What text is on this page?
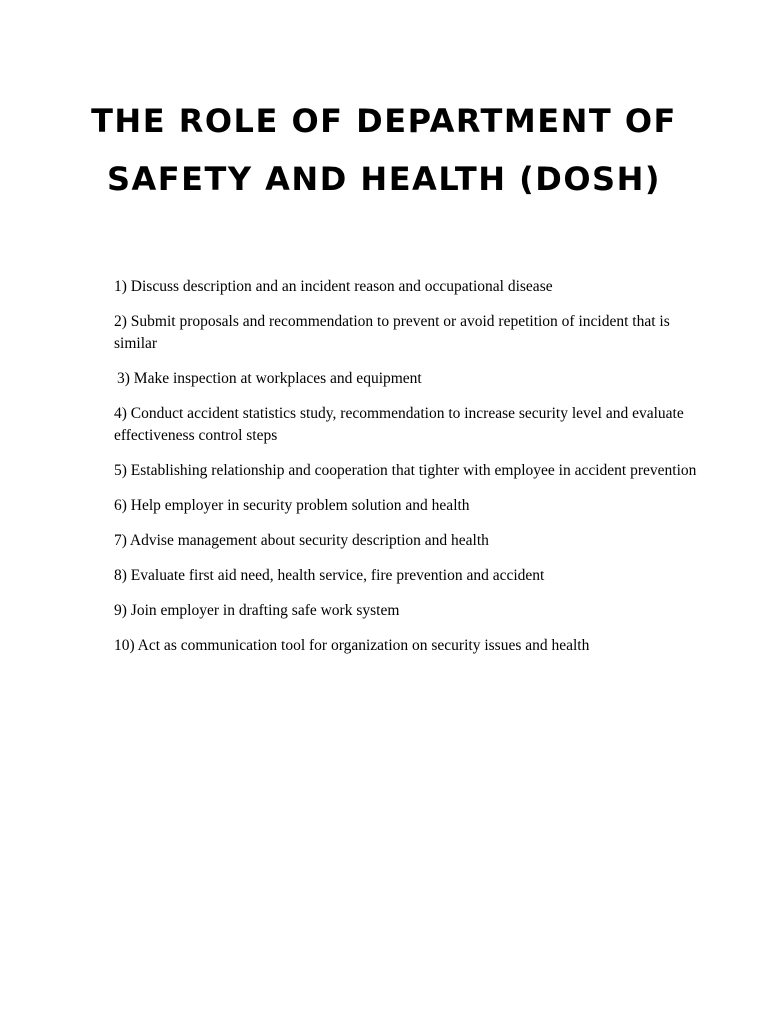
THE ROLE OF DEPARTMENT OF
SAFETY AND HEALTH (DOSH)
1) Discuss description and an incident reason and occupational disease
2) Submit proposals and recommendation to prevent or avoid repetition of incident that is similar
3) Make inspection at workplaces and equipment
4) Conduct accident statistics study, recommendation to increase security level and evaluate effectiveness control steps
5) Establishing relationship and cooperation that tighter with employee in accident prevention
6) Help employer in security problem solution and health
7) Advise management about security description and health
8) Evaluate first aid need, health service, fire prevention and accident
9) Join employer in drafting safe work system
10) Act as communication tool for organization on security issues and health
